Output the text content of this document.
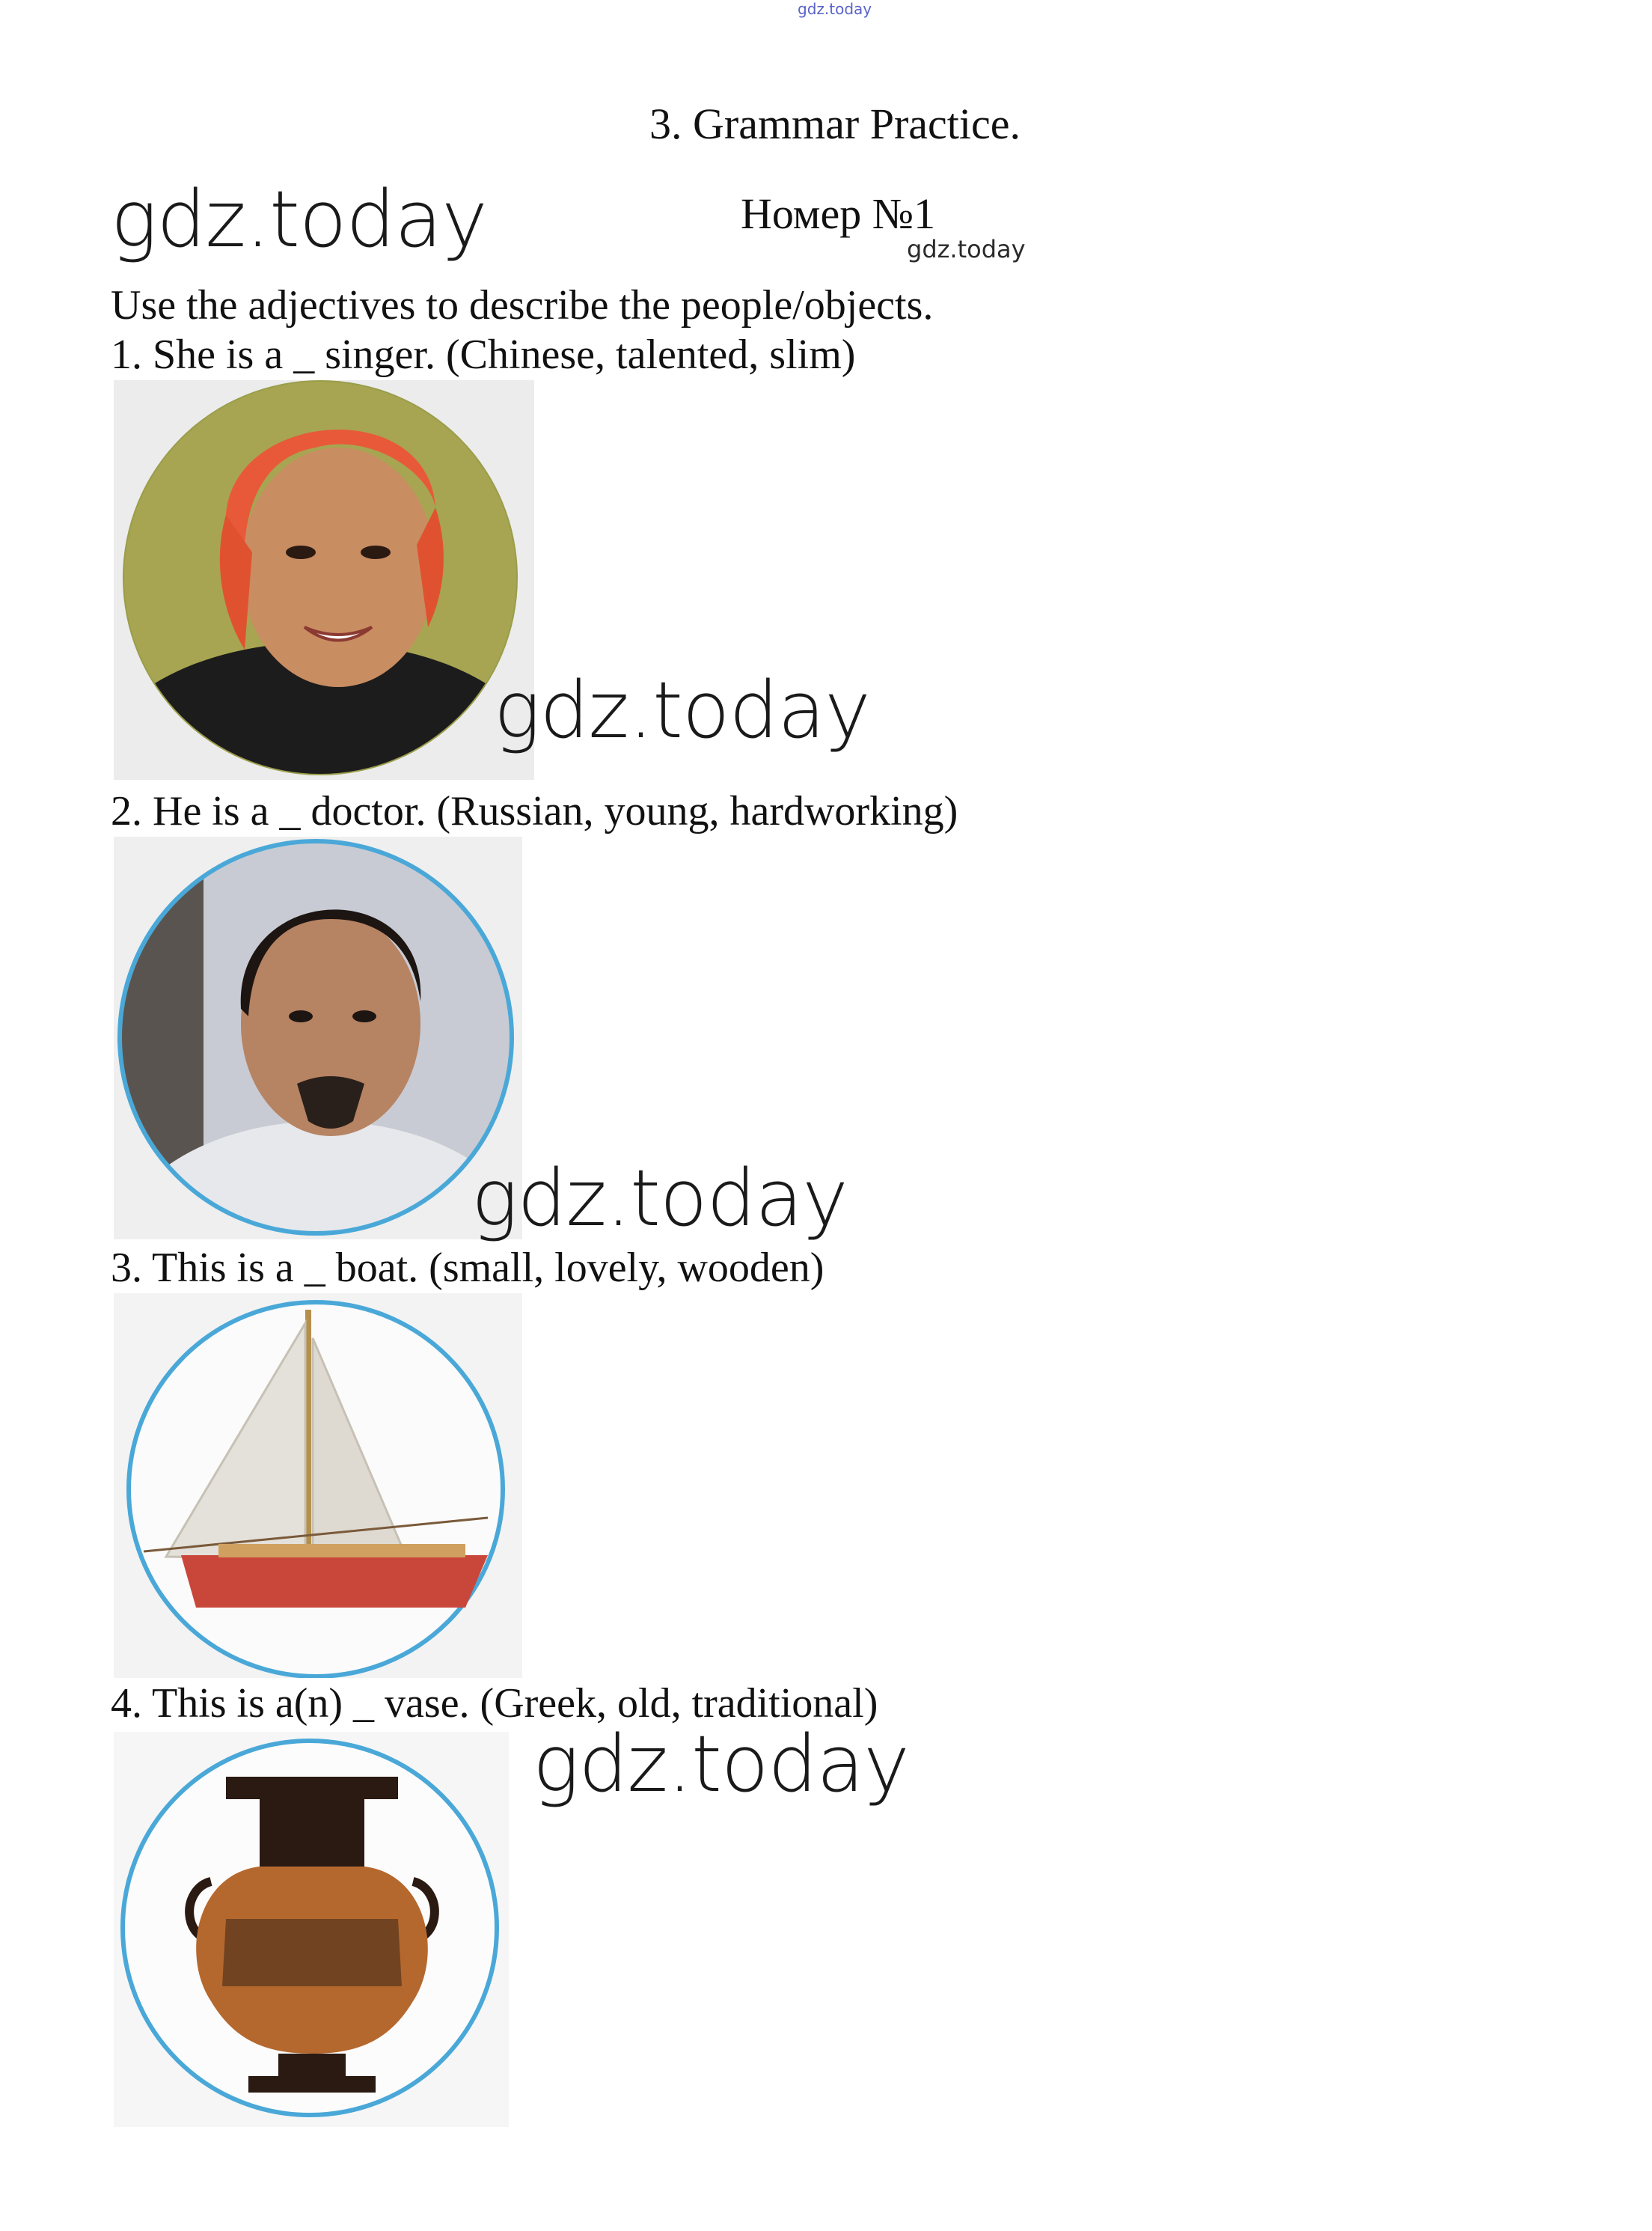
gdz.today

3. Grammar Practice.

gdz.today	Номер №1

gdz.today

Use the adjectives to describe the people/objects.

1. She is a _ singer. (Chinese, talented, slim)

gdz.today

2. He is a _ doctor. (Russian, young, hardworking)

gdz.today

3. This is a _ boat. (small, lovely, wooden)

4. This is a(n) _ vase. (Greek, old, traditional)

gdz.today
